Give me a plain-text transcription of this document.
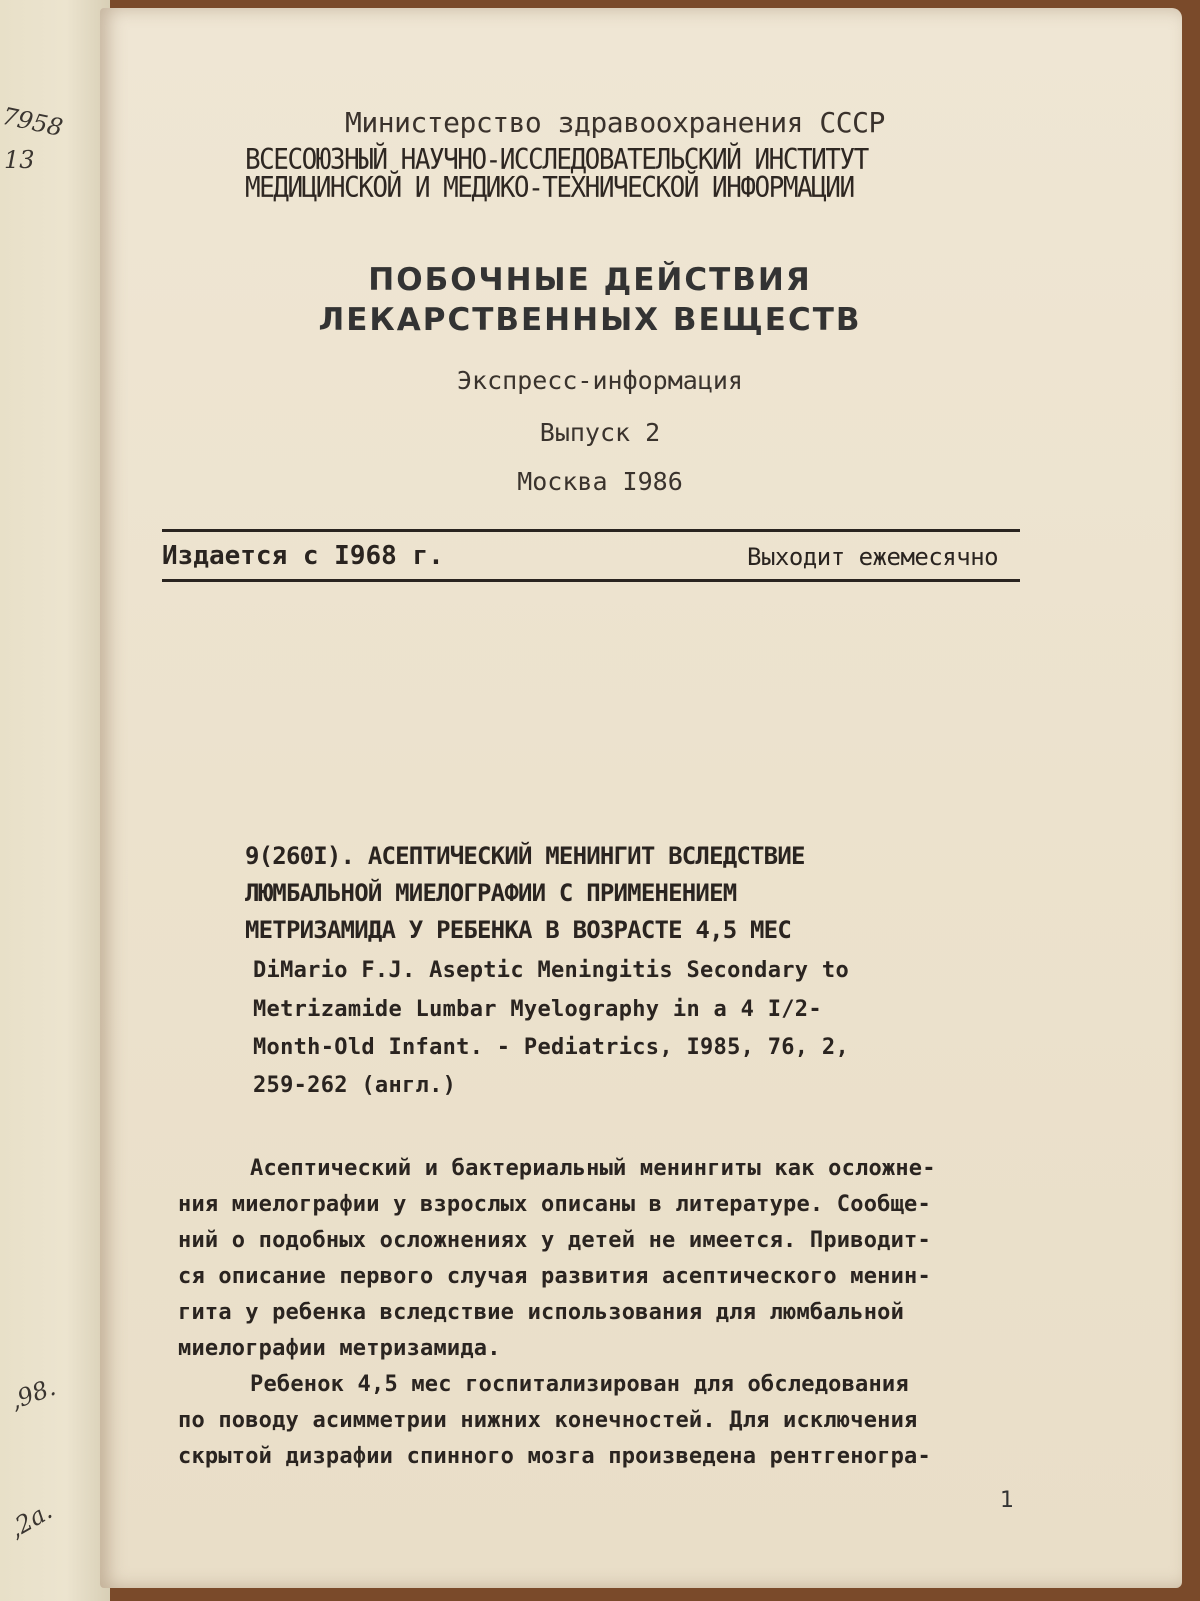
7958
13
,98.
,2a.
Министерство здравоохранения СССР
ВСЕСОЮЗНЫЙ НАУЧНО-ИССЛЕДОВАТЕЛЬСКИЙ ИНСТИТУТ
МЕДИЦИНСКОЙ И МЕДИКО-ТЕХНИЧЕСКОЙ ИНФОРМАЦИИ
ПОБОЧНЫЕ ДЕЙСТВИЯ
ЛЕКАРСТВЕННЫХ ВЕЩЕСТВ
Экспресс-информация
Выпуск 2
Москва I986
Издается с I968 г.	Выходит ежемесячно
9(260I). АСЕПТИЧЕСКИЙ МЕНИНГИТ ВСЛЕДСТВИЕ
ЛЮМБАЛЬНОЙ МИЕЛОГРАФИИ С ПРИМЕНЕНИЕМ
МЕТРИЗАМИДА У РЕБЕНКА В ВОЗРАСТЕ 4,5 МЕС
DiMario F.J. Aseptic Meningitis Secondary to
Metrizamide Lumbar Myelography in a 4 I/2-
Month-Old Infant. - Pediatrics, I985, 76, 2,
259-262 (англ.)
Асептический и бактериальный менингиты как осложне-
ния миелографии у взрослых описаны в литературе. Сообще-
ний о подобных осложнениях у детей не имеется. Приводит-
ся описание первого случая развития асептического менин-
гита у ребенка вследствие использования для люмбальной
миелографии метризамида.
Ребенок 4,5 мес госпитализирован для обследования
по поводу асимметрии нижних конечностей. Для исключения
скрытой дизрафии спинного мозга произведена рентгеногра-
1
